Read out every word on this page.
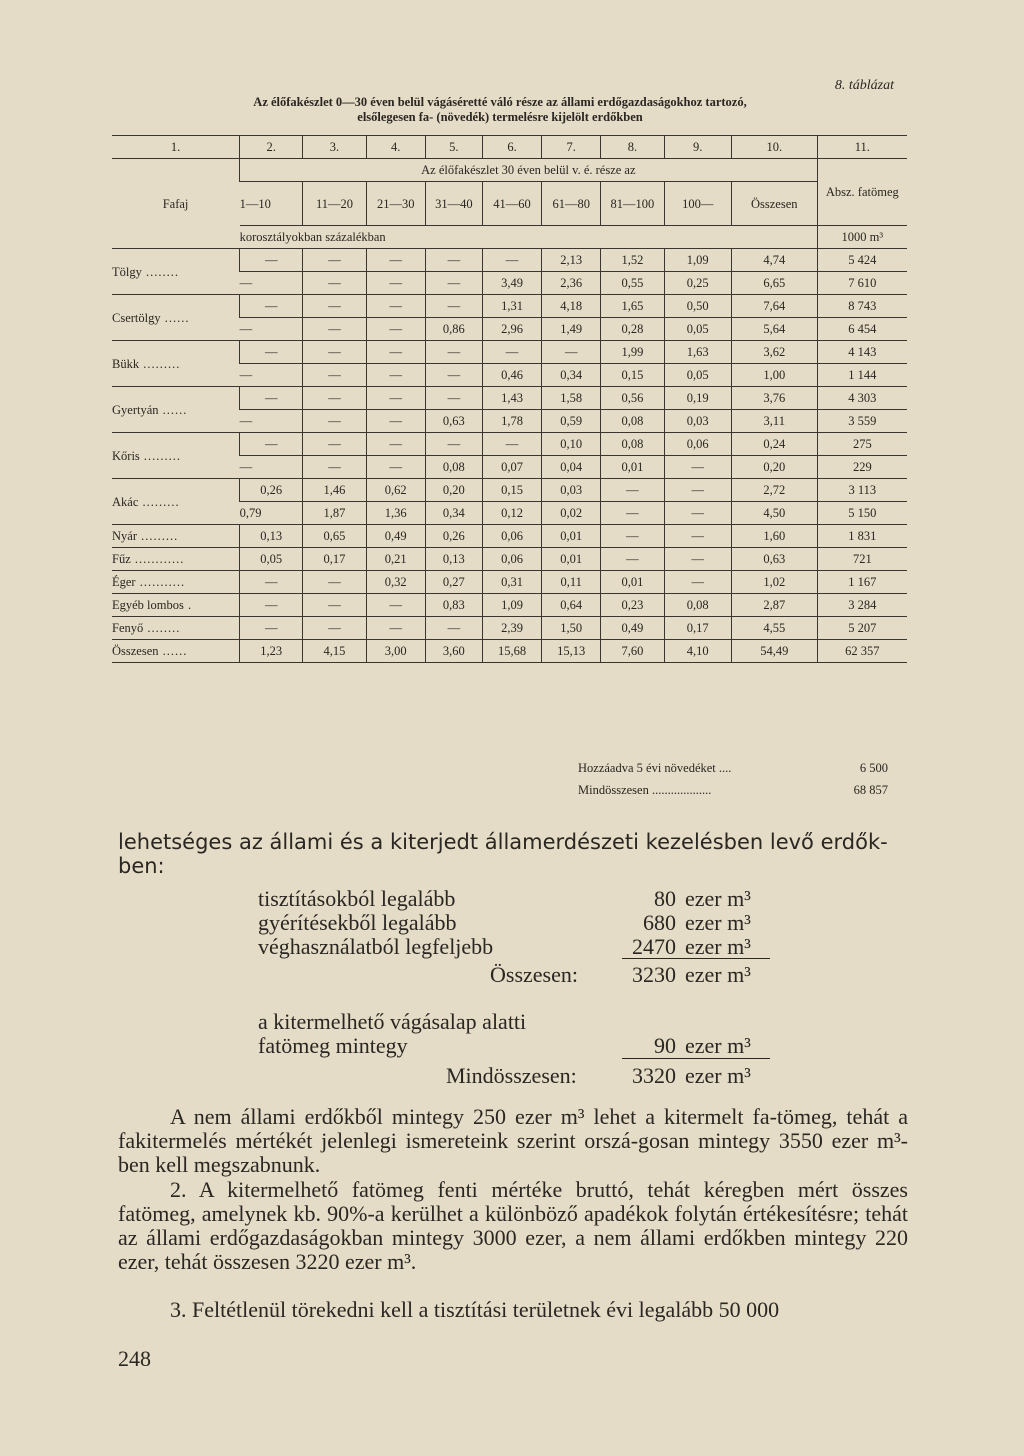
8. táblázat
Az élőfakészlet 0—30 éven belül vágáséretté váló része az állami erdőgazdaságokhoz tartozó,
elsőlegesen fa- (növedék) termelésre kijelölt erdőkben
1.	2.	3.	4.	5.	6.	7.	8.	9.	10.	11.
Fafaj	Az élőfakészlet 30 éven belül v. é. része az									Absz. fatömeg
	1—10	11—20	21—30	31—40	41—60	61—80	81—100	100—	Összesen	
	korosztályokban százalékban									1000 m³
Tölgy ........	—	—	—	—	—	2,13	1,52	1,09	4,74	5 424
	—	—	—	—	3,49	2,36	0,55	0,25	6,65	7 610
Csertölgy ......	—	—	—	—	1,31	4,18	1,65	0,50	7,64	8 743
	—	—	—	0,86	2,96	1,49	0,28	0,05	5,64	6 454
Bükk .........	—	—	—	—	—	—	1,99	1,63	3,62	4 143
	—	—	—	—	0,46	0,34	0,15	0,05	1,00	1 144
Gyertyán ......	—	—	—	—	1,43	1,58	0,56	0,19	3,76	4 303
	—	—	—	0,63	1,78	0,59	0,08	0,03	3,11	3 559
Kőris .........	—	—	—	—	—	0,10	0,08	0,06	0,24	275
	—	—	—	0,08	0,07	0,04	0,01	—	0,20	229
Akác .........	0,26	1,46	0,62	0,20	0,15	0,03	—	—	2,72	3 113
	0,79	1,87	1,36	0,34	0,12	0,02	—	—	4,50	5 150
Nyár .........	0,13	0,65	0,49	0,26	0,06	0,01	—	—	1,60	1 831
Fűz ............	0,05	0,17	0,21	0,13	0,06	0,01	—	—	0,63	721
Éger ...........	—	—	0,32	0,27	0,31	0,11	0,01	—	1,02	1 167
Egyéb lombos .	—	—	—	0,83	1,09	0,64	0,23	0,08	2,87	3 284
Fenyő ........	—	—	—	—	2,39	1,50	0,49	0,17	4,55	5 207
Összesen ......	1,23	4,15	3,00	3,60	15,68	15,13	7,60	4,10	54,49	62 357
Hozzáadva 5 évi növedéket ....	6 500
Mindösszesen ...................	68 857
lehetséges az állami és a kiterjedt államerdészeti kezelésben levő erdők-ben:
tisztításokból legalább	80 ezer m³
gyérítésekből legalább	680 ezer m³
véghasználatból legfeljebb	2470 ezer m³
Összesen:	3230 ezer m³
a kitermelhető vágásalap alatti
fatömeg mintegy	90 ezer m³
Mindösszesen:	3320 ezer m³
A nem állami erdőkből mintegy 250 ezer m³ lehet a kitermelt fa-tömeg, tehát a fakitermelés mértékét jelenlegi ismereteink szerint orszá-gosan mintegy 3550 ezer m³-ben kell megszabnunk.
2. A kitermelhető fatömeg fenti mértéke bruttó, tehát kéregben mért összes fatömeg, amelynek kb. 90%-a kerülhet a különböző apadékok folytán értékesítésre; tehát az állami erdőgazdaságokban mintegy 3000 ezer, a nem állami erdőkben mintegy 220 ezer, tehát összesen 3220 ezer m³.
3. Feltétlenül törekedni kell a tisztítási területnek évi legalább 50 000
248
